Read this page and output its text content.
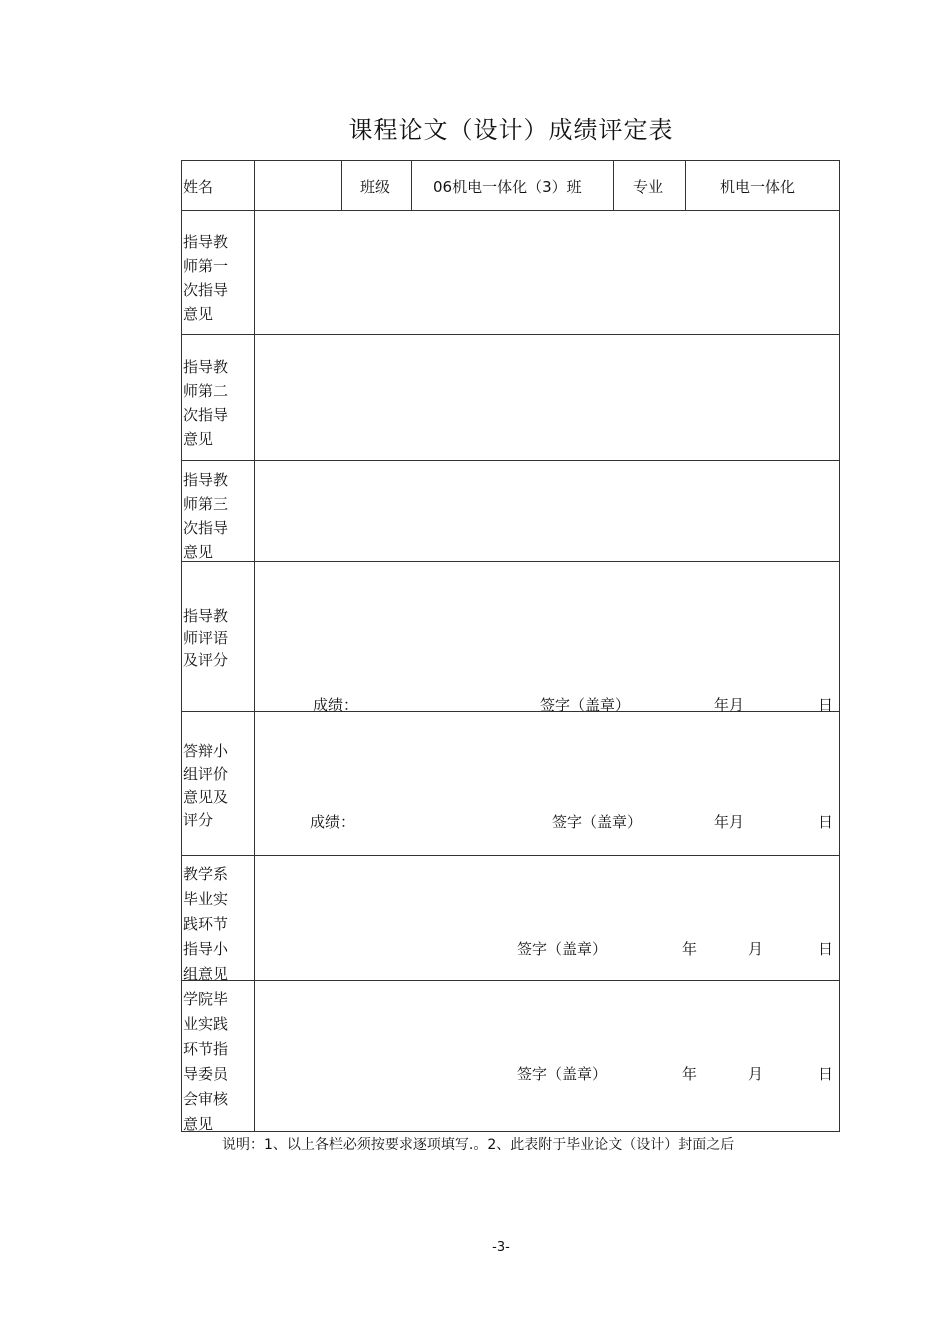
课程论文（设计）成绩评定表
姓名	班级	06机电一体化（3）班	专业	机电一体化
指导教
师第一
次指导
意见
指导教
师第二
次指导
意见
指导教
师第三
次指导
意见
指导教
师评语
及评分
成绩：	签字（盖章）	年月	日
答辩小
组评价
意见及
评分	成绩：	签字（盖章）	年月	日
教学系
毕业实
践环节
指导小
组意见
签字（盖章）	年	月	日
学院毕
业实践
环节指
导委员
会审核
意见
签字（盖章）	年	月	日
说明：1、以上各栏必须按要求逐项填写.。2、此表附于毕业论文（设计）封面之后
-3-
